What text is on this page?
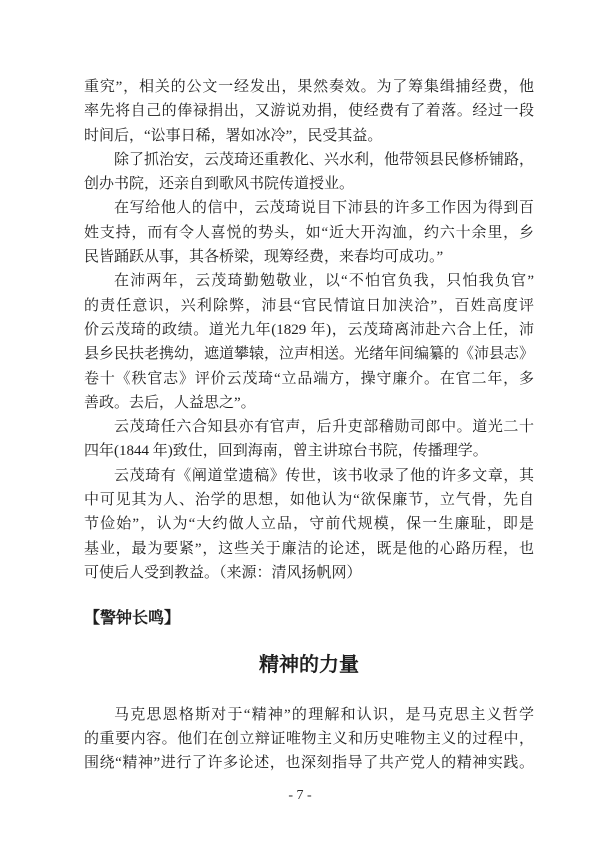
重究”，相关的公文一经发出，果然奏效。为了筹集缉捕经费，他
率先将自己的俸禄捐出，又游说劝捐，使经费有了着落。经过一段
时间后，“讼事日稀，署如冰冷”，民受其益。
除了抓治安，云茂琦还重教化、兴水利，他带领县民修桥铺路，
创办书院，还亲自到歌风书院传道授业。
在写给他人的信中，云茂琦说目下沛县的许多工作因为得到百
姓支持，而有令人喜悦的势头，如“近大开沟洫，约六十余里，乡
民皆踊跃从事，其各桥梁，现筹经费，来春均可成功。”
在沛两年，云茂琦勤勉敬业，以“不怕官负我，只怕我负官”
的责任意识，兴利除弊，沛县“官民情谊日加浃洽”，百姓高度评
价云茂琦的政绩。道光九年(1829 年)，云茂琦离沛赴六合上任，沛
县乡民扶老携幼，遮道攀辕，泣声相送。光绪年间编纂的《沛县志》
卷十《秩官志》评价云茂琦“立品端方，操守廉介。在官二年，多
善政。去后，人益思之”。
云茂琦任六合知县亦有官声，后升吏部稽勋司郎中。道光二十
四年(1844 年)致仕，回到海南，曾主讲琼台书院，传播理学。
云茂琦有《阐道堂遗稿》传世，该书收录了他的许多文章，其
中可见其为人、治学的思想，如他认为“欲保廉节，立气骨，先自
节俭始”，认为“大约做人立品，守前代规模，保一生廉耻，即是
基业，最为要紧”，这些关于廉洁的论述，既是他的心路历程，也
可使后人受到教益。（来源：清风扬帆网）
【警钟长鸣】
精神的力量
马克思恩格斯对于“精神”的理解和认识，是马克思主义哲学
的重要内容。他们在创立辩证唯物主义和历史唯物主义的过程中，
围绕“精神”进行了许多论述，也深刻指导了共产党人的精神实践。
- 7 -
